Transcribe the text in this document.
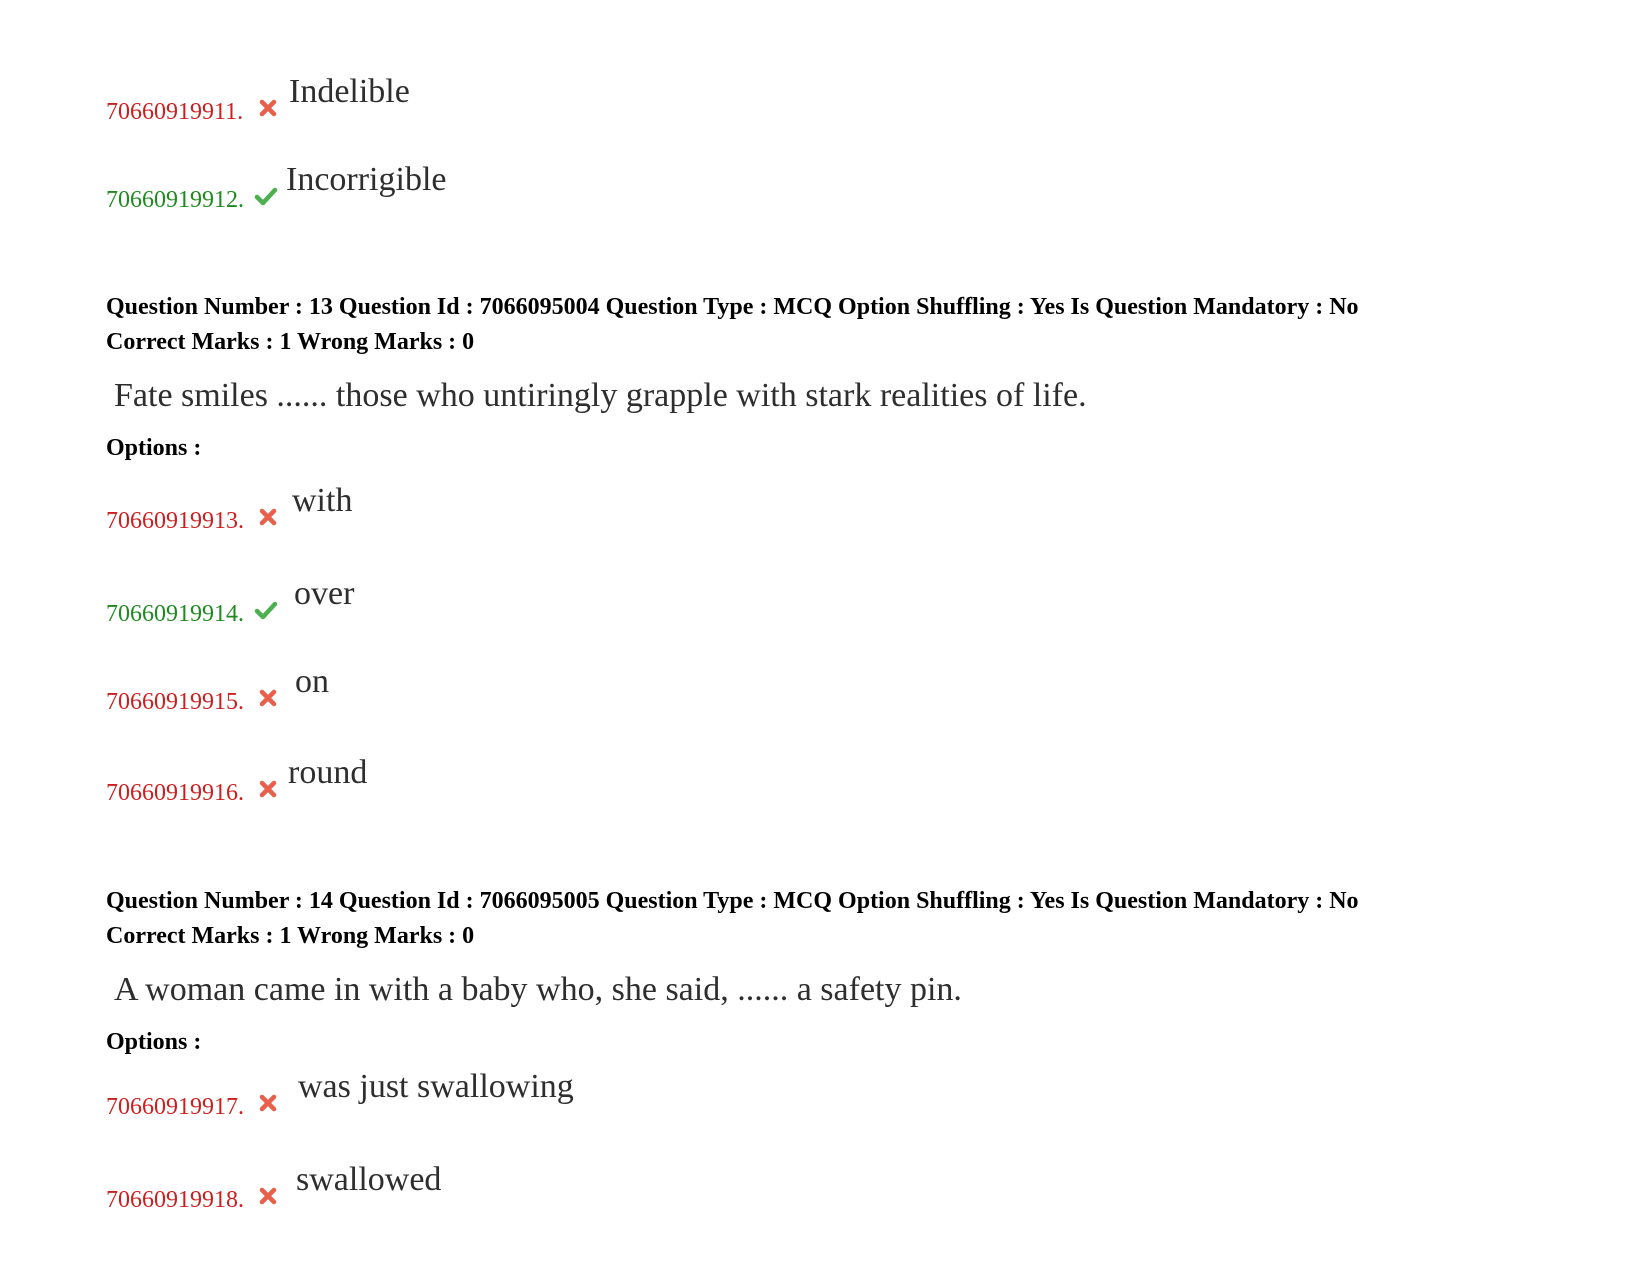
70660919911.
Indelible
70660919912.
Incorrigible
Question Number : 13 Question Id : 7066095004 Question Type : MCQ Option Shuffling : Yes Is Question Mandatory : No
Correct Marks : 1 Wrong Marks : 0
Fate smiles ...... those who untiringly grapple with stark realities of life.
Options :
70660919913.
with
70660919914.
over
70660919915.
on
70660919916.
round
Question Number : 14 Question Id : 7066095005 Question Type : MCQ Option Shuffling : Yes Is Question Mandatory : No
Correct Marks : 1 Wrong Marks : 0
A woman came in with a baby who, she said, ...... a safety pin.
Options :
70660919917.
was just swallowing
70660919918.
swallowed
